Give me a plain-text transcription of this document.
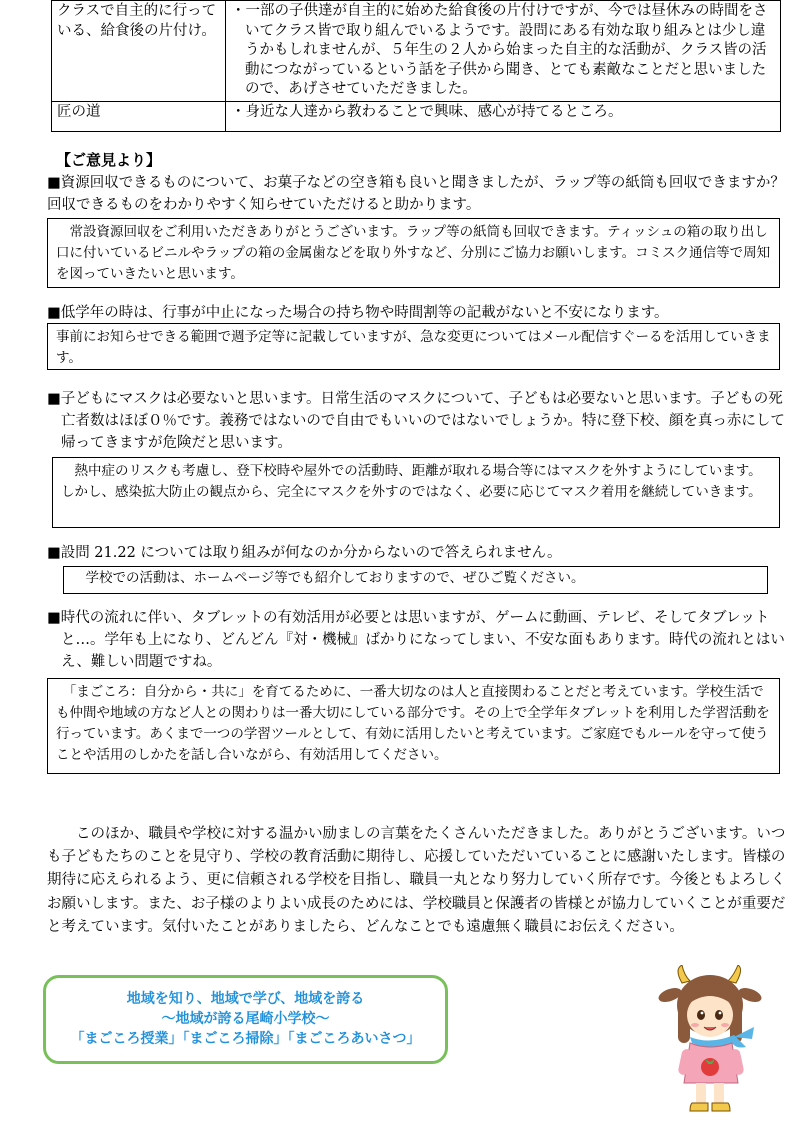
クラスで自主的に行っている、給食後の片付け。	・一部の子供達が自主的に始めた給食後の片付けですが、今では昼休みの時間をさいてクラス皆で取り組んでいるようです。設問にある有効な取り組みとは少し違うかもしれませんが、５年生の２人から始まった自主的な活動が、クラス皆の活動につながっているという話を子供から聞き、とても素敵なことだと思いましたので、あげさせていただきました。

匠の道	・身近な人達から教わることで興味、感心が持てるところ。
【ご意見より】
■資源回収できるものについて、お菓子などの空き箱も良いと聞きましたが、ラップ等の紙筒も回収できますか？回収できるものをわかりやすく知らせていただけると助かります。
　常設資源回収をご利用いただきありがとうございます。ラップ等の紙筒も回収できます。ティッシュの箱の取り出し口に付いているビニルやラップの箱の金属歯などを取り外すなど、分別にご協力お願いします。コミスク通信等で周知を図っていきたいと思います。
■低学年の時は、行事が中止になった場合の持ち物や時間割等の記載がないと不安になります。
事前にお知らせできる範囲で週予定等に記載していますが、急な変更についてはメール配信すぐーるを活用していきます。
■子どもにマスクは必要ないと思います。日常生活のマスクについて、子どもは必要ないと思います。子どもの死亡者数はほぼ０％です。義務ではないので自由でもいいのではないでしょうか。特に登下校、顔を真っ赤にして帰ってきますが危険だと思います。
　熱中症のリスクも考慮し、登下校時や屋外での活動時、距離が取れる場合等にはマスクを外すようにしています。しかし、感染拡大防止の観点から、完全にマスクを外すのではなく、必要に応じてマスク着用を継続していきます。
■設問 21.22 については取り組みが何なのか分からないので答えられません。
　学校での活動は、ホームページ等でも紹介しておりますので、ぜひご覧ください。
■時代の流れに伴い、タブレットの有効活用が必要とは思いますが、ゲームに動画、テレビ、そしてタブレットと…。学年も上になり、どんどん『対・機械』ばかりになってしまい、不安な面もあります。時代の流れとはいえ、難しい問題ですね。
　「まごころ：自分から・共に」を育てるために、一番大切なのは人と直接関わることだと考えています。学校生活でも仲間や地域の方など人との関わりは一番大切にしている部分です。その上で全学年タブレットを利用した学習活動を行っています。あくまで一つの学習ツールとして、有効に活用したいと考えています。ご家庭でもルールを守って使うことや活用のしかたを話し合いながら、有効活用してください。
このほか、職員や学校に対する温かい励ましの言葉をたくさんいただきました。ありがとうございます。いつも子どもたちのことを見守り、学校の教育活動に期待し、応援していただいていることに感謝いたします。皆様の期待に応えられるよう、更に信頼される学校を目指し、職員一丸となり努力していく所存です。今後ともよろしくお願いします。また、お子様のよりよい成長のためには、学校職員と保護者の皆様とが協力していくことが重要だと考えています。気付いたことがありましたら、どんなことでも遠慮無く職員にお伝えください。
地域を知り、地域で学び、地域を誇る
～地域が誇る尾崎小学校～
「まごころ授業」「まごころ掃除」「まごころあいさつ」
